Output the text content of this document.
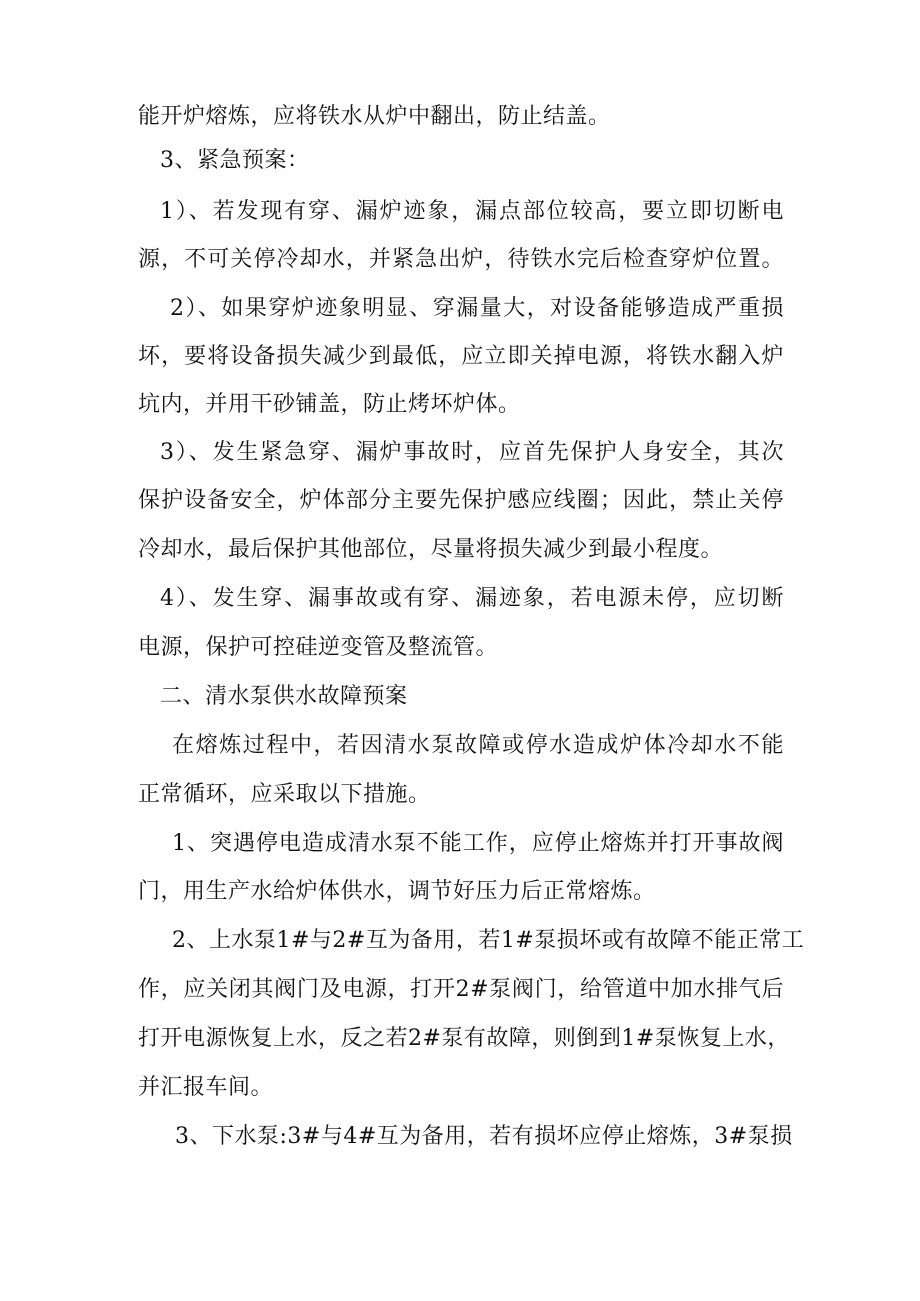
能开炉熔炼，应将铁水从炉中翻出，防止结盖。
3、紧急预案：
1）、若发现有穿、漏炉迹象，漏点部位较高，要立即切断电
源，不可关停冷却水，并紧急出炉，待铁水完后检查穿炉位置。
2）、如果穿炉迹象明显、穿漏量大，对设备能够造成严重损
坏，要将设备损失减少到最低，应立即关掉电源，将铁水翻入炉
坑内，并用干砂铺盖，防止烤坏炉体。
3）、发生紧急穿、漏炉事故时，应首先保护人身安全，其次
保护设备安全，炉体部分主要先保护感应线圈；因此，禁止关停
冷却水，最后保护其他部位，尽量将损失减少到最小程度。
4）、发生穿、漏事故或有穿、漏迹象，若电源未停，应切断
电源，保护可控硅逆变管及整流管。
二、清水泵供水故障预案
在熔炼过程中，若因清水泵故障或停水造成炉体冷却水不能
正常循环，应采取以下措施。
1、突遇停电造成清水泵不能工作，应停止熔炼并打开事故阀
门，用生产水给炉体供水，调节好压力后正常熔炼。
2、上水泵1#与2#互为备用，若1#泵损坏或有故障不能正常工
作，应关闭其阀门及电源，打开2#泵阀门，给管道中加水排气后
打开电源恢复上水，反之若2#泵有故障，则倒到1#泵恢复上水，
并汇报车间。
3、下水泵:3#与4#互为备用，若有损坏应停止熔炼，3#泵损
